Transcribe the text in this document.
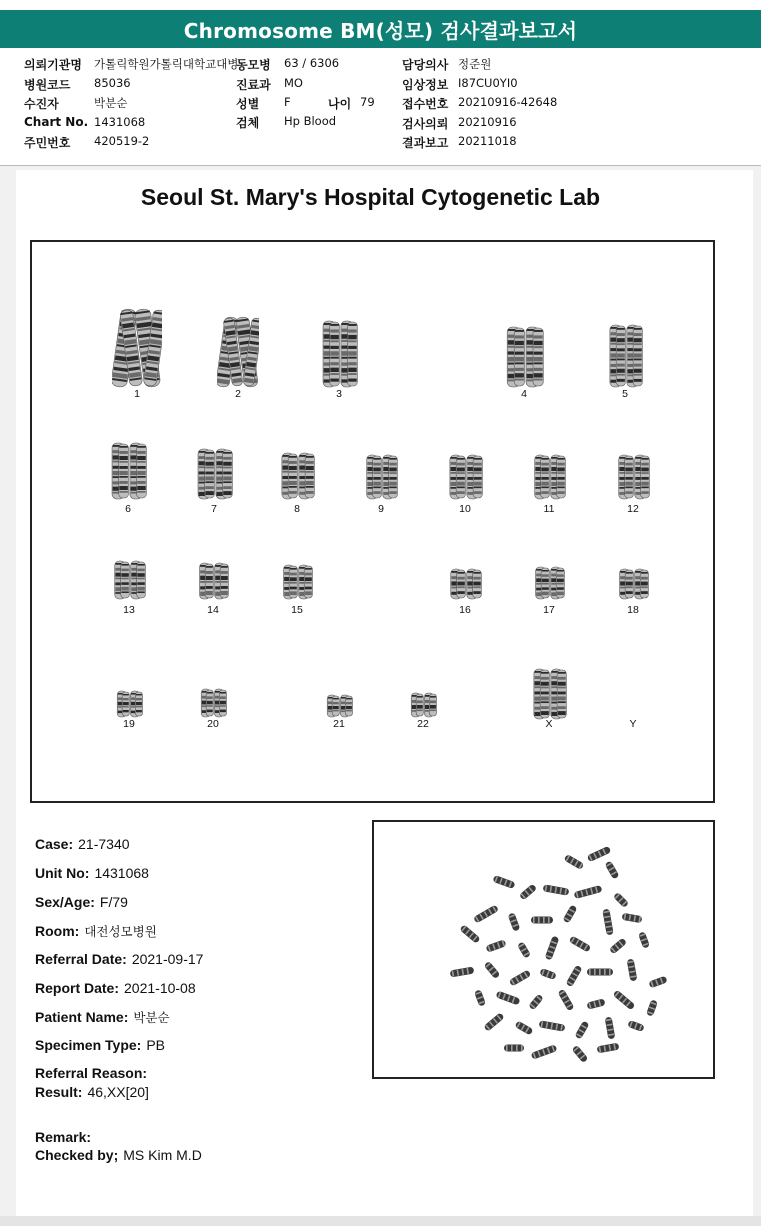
Chromosome BM(성모) 검사결과보고서
의뢰기관명 가톨릭학원가톨릭대학교대병
동모병 63 / 6306	담당의사 정준원
병원코드 85036	진료과 MO	임상정보 I87CU0YI0
수진자	박분순	성별 F	나이 79 접수번호 20210916-42648
Chart No. 1431068	검체 Hp Blood	검사의뢰 20210916
주민번호 420519-2	결과보고 20211018
Seoul St. Mary's Hospital Cytogenetic Lab
1	2	3	4	5
6	7	8	9	10	11	12
13	14	15	16	17	18
19	20	21	22	X	Y
Case: 21-7340
Unit No: 1431068
Sex/Age: F/79
Room: 대전성모병원
Referral Date: 2021-09-17
Report Date: 2021-10-08
Patient Name: 박분순
Specimen Type: PB
Referral Reason:
Result: 46,XX[20]
Remark:
Checked by; MS Kim M.D
